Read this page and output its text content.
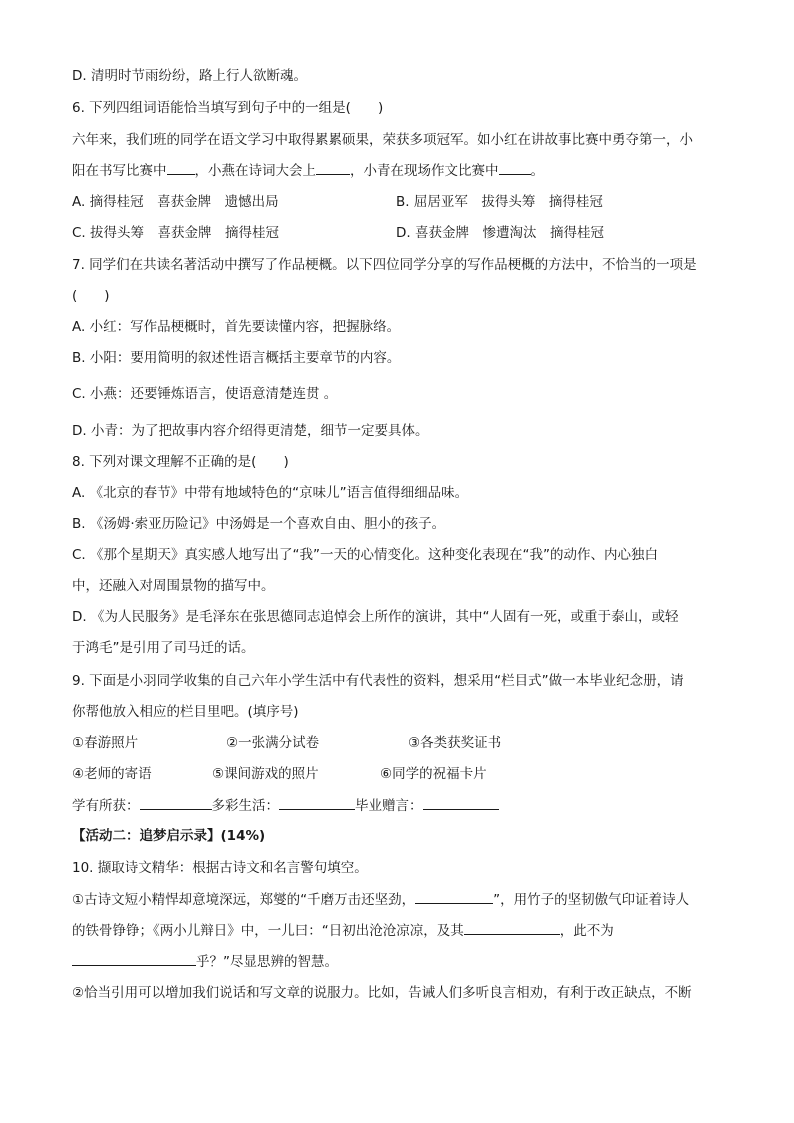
D. 清明时节雨纷纷，路上行人欲断魂。
6. 下列四组词语能恰当填写到句子中的一组是(　　)
六年来，我们班的同学在语文学习中取得累累硕果，荣获多项冠军。如小红在讲故事比赛中勇夺第一，小
阳在书写比赛中 ，小燕在诗词大会上	，小青在现场作文比赛中 。
A. 摘得桂冠　喜获金牌　遗憾出局	B. 屈居亚军　拔得头筹　摘得桂冠
C. 拔得头筹　喜获金牌　摘得桂冠	D. 喜获金牌　惨遭淘汰　摘得桂冠
7. 同学们在共读名著活动中撰写了作品梗概。以下四位同学分享的写作品梗概的方法中，不恰当的一项是
(　　)
A. 小红：写作品梗概时，首先要读懂内容，把握脉络。
B. 小阳：要用简明的叙述性语言概括主要章节的内容。
C. 小燕：还要锤炼语言，使语意清楚连贯 。
D. 小青：为了把故事内容介绍得更清楚，细节一定要具体。
8. 下列对课文理解不正确的是(　　)
A. 《北京的春节》中带有地域特色的“京味儿”语言值得细细品味。
B. 《汤姆·索亚历险记》中汤姆是一个喜欢自由、胆小的孩子。
C. 《那个星期天》真实感人地写出了“我”一天的心情变化。这种变化表现在“我”的动作、内心独白
中，还融入对周围景物的描写中。
D. 《为人民服务》是毛泽东在张思德同志追悼会上所作的演讲，其中“人固有一死，或重于泰山，或轻
于鸿毛”是引用了司马迁的话。
9. 下面是小羽同学收集的自己六年小学生活中有代表性的资料，想采用“栏目式”做一本毕业纪念册，请
你帮他放入相应的栏目里吧。(填序号)
①春游照片	②一张满分试卷	③各类获奖证书
④老师的寄语	⑤课间游戏的照片	⑥同学的祝福卡片
学有所获：	多彩生活：	毕业赠言：
【活动二：追梦启示录】(14%)
10. 撷取诗文精华：根据古诗文和名言警句填空。
①古诗文短小精悍却意境深远，郑燮的“千磨万击还坚劲，	”，用竹子的坚韧傲气印证着诗人
的铁骨铮铮；《两小儿辩日》中，一儿曰：“日初出沧沧凉凉，及其	，此不为
乎？”尽显思辨的智慧。
②恰当引用可以增加我们说话和写文章的说服力。比如，告诫人们多听良言相劝，有利于改正缺点，不断
